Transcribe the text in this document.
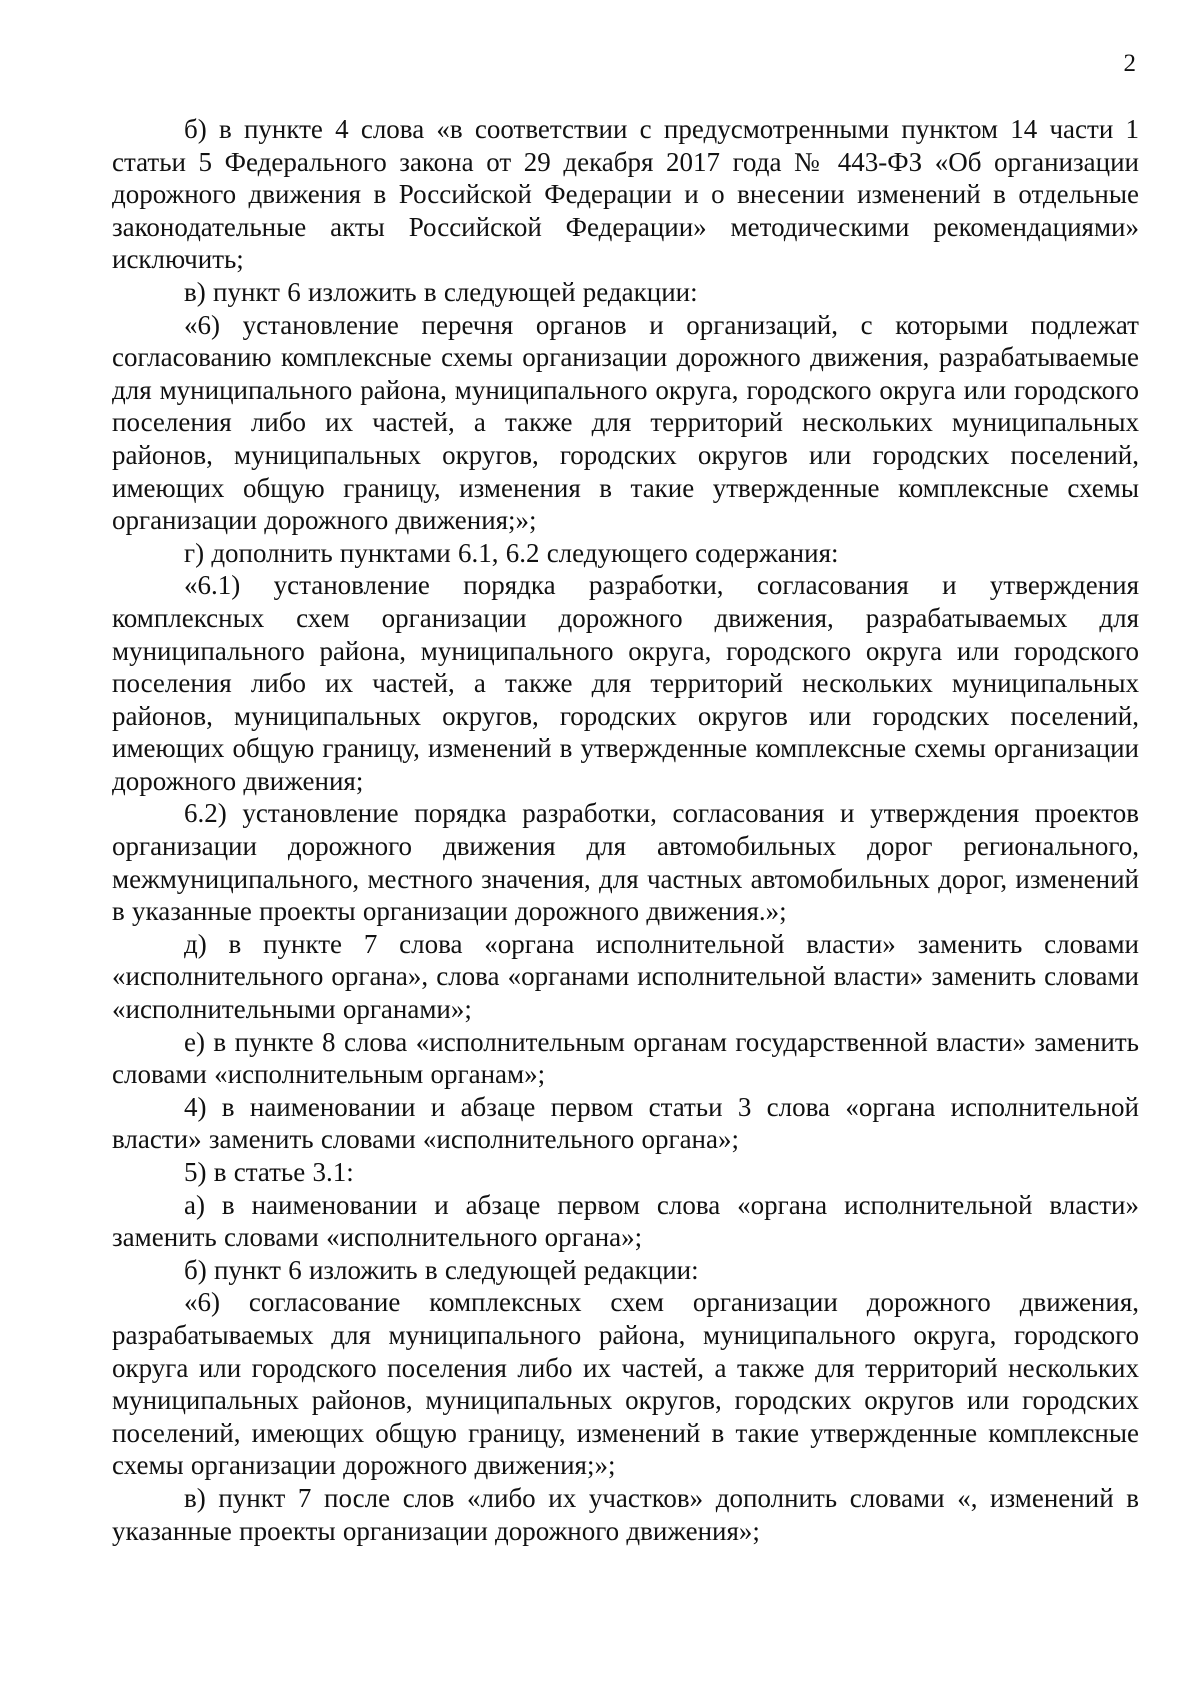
2

б) в пункте 4 слова «в соответствии с предусмотренными пунктом 14 части 1 статьи 5 Федерального закона от 29 декабря 2017 года № 443-ФЗ «Об организации дорожного движения в Российской Федерации и о внесении изменений в отдельные законодательные акты Российской Федерации» методическими рекомендациями» исключить;

в) пункт 6 изложить в следующей редакции:

«6) установление перечня органов и организаций, с которыми подлежат согласованию комплексные схемы организации дорожного движения, разрабатываемые для муниципального района, муниципального округа, городского округа или городского поселения либо их частей, а также для территорий нескольких муниципальных районов, муниципальных округов, городских округов или городских поселений, имеющих общую границу, изменения в такие утвержденные комплексные схемы организации дорожного движения;»;

г) дополнить пунктами 6.1, 6.2 следующего содержания:

«6.1) установление порядка разработки, согласования и утверждения комплексных схем организации дорожного движения, разрабатываемых для муниципального района, муниципального округа, городского округа или городского поселения либо их частей, а также для территорий нескольких муниципальных районов, муниципальных округов, городских округов или городских поселений, имеющих общую границу, изменений в утвержденные комплексные схемы организации дорожного движения;

6.2) установление порядка разработки, согласования и утверждения проектов организации дорожного движения для автомобильных дорог регионального, межмуниципального, местного значения, для частных автомобильных дорог, изменений в указанные проекты организации дорожного движения.»;

д) в пункте 7 слова «органа исполнительной власти» заменить словами «исполнительного органа», слова «органами исполнительной власти» заменить словами «исполнительными органами»;

е) в пункте 8 слова «исполнительным органам государственной власти» заменить словами «исполнительным органам»;

4) в наименовании и абзаце первом статьи 3 слова «органа исполнительной власти» заменить словами «исполнительного органа»;

5) в статье 3.1:

а) в наименовании и абзаце первом слова «органа исполнительной власти» заменить словами «исполнительного органа»;

б) пункт 6 изложить в следующей редакции:

«6) согласование комплексных схем организации дорожного движения, разрабатываемых для муниципального района, муниципального округа, городского округа или городского поселения либо их частей, а также для территорий нескольких муниципальных районов, муниципальных округов, городских округов или городских поселений, имеющих общую границу, изменений в такие утвержденные комплексные схемы организации дорожного движения;»;

в) пункт 7 после слов «либо их участков» дополнить словами «, изменений в указанные проекты организации дорожного движения»;
